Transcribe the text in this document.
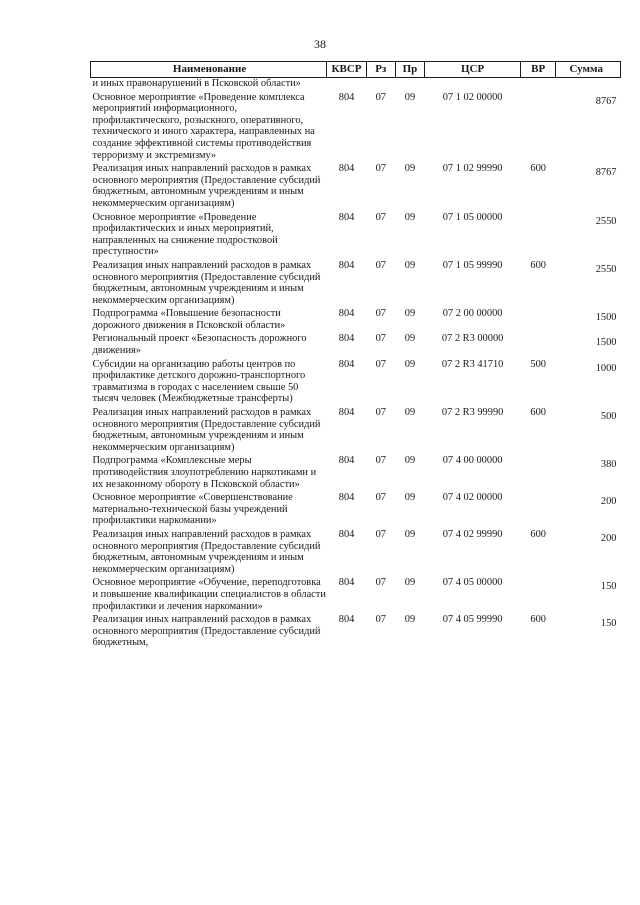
38
Наименование	КВСР	Рз	Пр	ЦСР	ВР	Сумма
и иных правонарушений в Псковской области»						
Основное мероприятие «Проведение комплекса мероприятий информационного, профилактического, розыскного, оперативного, технического и иного характера, направленных на создание эффективной системы противодействия терроризму и экстремизму»	804	07	09	07 1 02 00000		8767
Реализация иных направлений расходов в рамках основного мероприятия (Предоставление субсидий бюджетным, автономным учреждениям и иным некоммерческим организациям)	804	07	09	07 1 02 99990	600	8767
Основное мероприятие «Проведение профилактических и иных мероприятий, направленных на снижение подростковой преступности»	804	07	09	07 1 05 00000		2550
Реализация иных направлений расходов в рамках основного мероприятия (Предоставление субсидий бюджетным, автономным учреждениям и иным некоммерческим организациям)	804	07	09	07 1 05 99990	600	2550
Подпрограмма «Повышение безопасности дорожного движения в Псковской области»	804	07	09	07 2 00 00000		1500
Региональный проект «Безопасность дорожного движения»	804	07	09	07 2 R3 00000		1500
Субсидии на организацию работы центров по профилактике детского дорожно-транспортного травматизма в городах с населением свыше 50 тысяч человек (Межбюджетные трансферты)	804	07	09	07 2 R3 41710	500	1000
Реализация иных направлений расходов в рамках основного мероприятия (Предоставление субсидий бюджетным, автономным учреждениям и иным некоммерческим организациям)	804	07	09	07 2 R3 99990	600	500
Подпрограмма «Комплексные меры противодействия злоупотреблению наркотиками и их незаконному обороту в Псковской области»	804	07	09	07 4 00 00000		380
Основное мероприятие «Совершенствование материально-технической базы учреждений профилактики наркомании»	804	07	09	07 4 02 00000		200
Реализация иных направлений расходов в рамках основного мероприятия (Предоставление субсидий бюджетным, автономным учреждениям и иным некоммерческим организациям)	804	07	09	07 4 02 99990	600	200
Основное мероприятие «Обучение, переподготовка и повышение квалификации специалистов в области профилактики и лечения наркомании»	804	07	09	07 4 05 00000		150
Реализация иных направлений расходов в рамках основного мероприятия (Предоставление субсидий бюджетным,	804	07	09	07 4 05 99990	600	150
